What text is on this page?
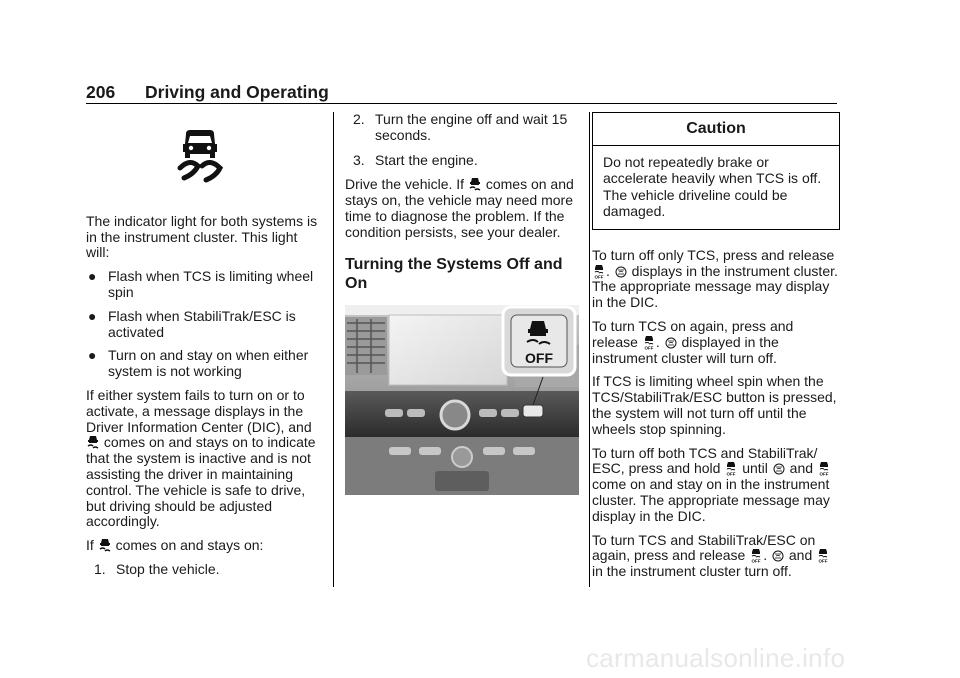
206 Driving and Operating

The indicator light for both systems is in the instrument cluster. This light will:

● Flash when TCS is limiting wheel spin

● Flash when StabiliTrak/ESC is activated

● Turn on and stay on when either system is not working

If either system fails to turn on or to activate, a message displays in the Driver Information Center (DIC), and  comes on and stays on to indicate that the system is inactive and is not assisting the driver in maintaining control. The vehicle is safe to drive, but driving should be adjusted accordingly.

If comes on and stays on:

1. Stop the vehicle.

2. Turn the engine off and wait 15 seconds.

3. Start the engine.

Drive the vehicle. If comes on and stays on, the vehicle may need more time to diagnose the problem. If the condition persists, see your dealer.

Turning the Systems Off and On

OFF
Caution
Do not repeatedly brake or accelerate heavily when TCS is off. The vehicle driveline could be damaged.

To turn off only TCS, press and release
OFF . displays in the instrument cluster. The appropriate message may display in the DIC.

To turn TCS on again, press and release OFF . displayed in the instrument cluster will turn off.

If TCS is limiting wheel spin when the TCS/StabiliTrak/ESC button is pressed, the system will not turn off until the wheels stop spinning.

To turn off both TCS and StabiliTrak/ ESC, press and hold OFF until and OFF
come on and stay on in the instrument cluster. The appropriate message may display in the DIC.

To turn TCS and StabiliTrak/ESC on again, press and release OFF . and OFF
in the instrument cluster turn off.

carmanualsonline.info
